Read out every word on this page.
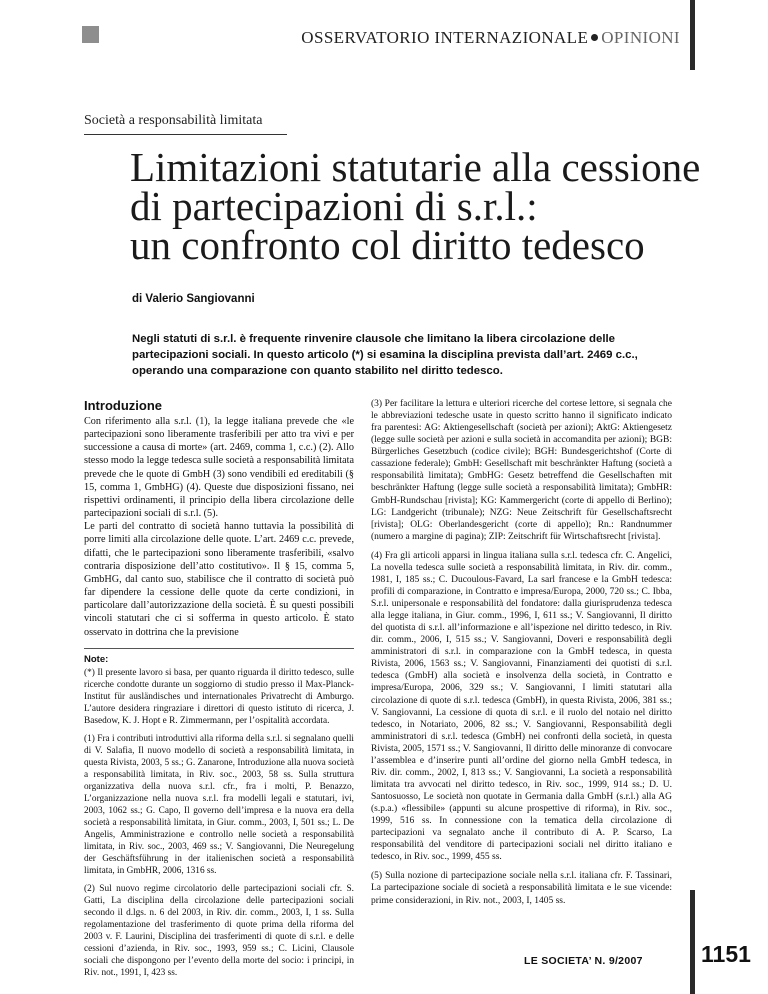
OSSERVATORIO INTERNAZIONALE OPINIONI
Società a responsabilità limitata
Limitazioni statutarie alla cessione
di partecipazioni di s.r.l.:
un confronto col diritto tedesco
di Valerio Sangiovanni
Negli statuti di s.r.l. è frequente rinvenire clausole che limitano la libera circolazione delle partecipazioni sociali. In questo articolo (*) si esamina la disciplina prevista dall’art. 2469 c.c., operando una comparazione con quanto stabilito nel diritto tedesco.
Introduzione

Con riferimento alla s.r.l. (1), la legge italiana prevede che «le partecipazioni sono liberamente trasferibili per atto tra vivi e per successione a causa di morte» (art. 2469, comma 1, c.c.) (2). Allo stesso modo la legge tedesca sulle società a responsabilità limitata prevede che le quote di GmbH (3) sono vendibili ed ereditabili (§ 15, comma 1, GmbHG) (4). Queste due disposizioni fissano, nei rispettivi ordinamenti, il principio della libera circolazione delle partecipazioni sociali di s.r.l. (5).

Le parti del contratto di società hanno tuttavia la possibilità di porre limiti alla circolazione delle quote. L’art. 2469 c.c. prevede, difatti, che le partecipazioni sono liberamente trasferibili, «salvo contraria disposizione dell’atto costitutivo». Il § 15, comma 5, GmbHG, dal canto suo, stabilisce che il contratto di società può far dipendere la cessione delle quote da certe condizioni, in particolare dall’autorizzazione della società. È su questi possibili vincoli statutari che ci si sofferma in questo articolo. È stato osservato in dottrina che la previsione

Note:

(*) Il presente lavoro si basa, per quanto riguarda il diritto tedesco, sulle ricerche condotte durante un soggiorno di studio presso il Max-Planck-Institut für ausländisches und internationales Privatrecht di Amburgo. L’autore desidera ringraziare i direttori di questo istituto di ricerca, J. Basedow, K. J. Hopt e R. Zimmermann, per l’ospitalità accordata.

(1) Fra i contributi introduttivi alla riforma della s.r.l. si segnalano quelli di V. Salafia, Il nuovo modello di società a responsabilità limitata, in questa Rivista, 2003, 5 ss.; G. Zanarone, Introduzione alla nuova società a responsabilità limitata, in Riv. soc., 2003, 58 ss. Sulla struttura organizzativa della nuova s.r.l. cfr., fra i molti, P. Benazzo, L’organizzazione nella nuova s.r.l. fra modelli legali e statutari, ivi, 2003, 1062 ss.; G. Capo, Il governo dell’impresa e la nuova era della società a responsabilità limitata, in Giur. comm., 2003, I, 501 ss.; L. De Angelis, Amministrazione e controllo nelle società a responsabilità limitata, in Riv. soc., 2003, 469 ss.; V. Sangiovanni, Die Neuregelung der Geschäftsführung in der italienischen società a responsabilità limitata, in GmbHR, 2006, 1316 ss.

(2) Sul nuovo regime circolatorio delle partecipazioni sociali cfr. S. Gatti, La disciplina della circolazione delle partecipazioni sociali secondo il d.lgs. n. 6 del 2003, in Riv. dir. comm., 2003, I, 1 ss. Sulla regolamentazione del trasferimento di quote prima della riforma del 2003 v. F. Laurini, Disciplina dei trasferimenti di quote di s.r.l. e delle cessioni d’azienda, in Riv. soc., 1993, 959 ss.; C. Licini, Clausole sociali che dispongono per l’evento della morte del socio: i principi, in Riv. not., 1991, I, 423 ss.

(3) Per facilitare la lettura e ulteriori ricerche del cortese lettore, si segnala che le abbreviazioni tedesche usate in questo scritto hanno il significato indicato fra parentesi: AG: Aktiengesellschaft (società per azioni); AktG: Aktiengesetz (legge sulle società per azioni e sulla società in accomandita per azioni); BGB: Bürgerliches Gesetzbuch (codice civile); BGH: Bundesgerichtshof (Corte di cassazione federale); GmbH: Gesellschaft mit beschränkter Haftung (società a responsabilità limitata); GmbHG: Gesetz betreffend die Gesellschaften mit beschränkter Haftung (legge sulle società a responsabilità limitata); GmbHR: GmbH-Rundschau [rivista]; KG: Kammergericht (corte di appello di Berlino); LG: Landgericht (tribunale); NZG: Neue Zeitschrift für Gesellschaftsrecht [rivista]; OLG: Oberlandesgericht (corte di appello); Rn.: Randnummer (numero a margine di pagina); ZIP: Zeitschrift für Wirtschaftsrecht [rivista].

(4) Fra gli articoli apparsi in lingua italiana sulla s.r.l. tedesca cfr. C. Angelici, La novella tedesca sulle società a responsabilità limitata, in Riv. dir. comm., 1981, I, 185 ss.; C. Ducoulous-Favard, La sarl francese e la GmbH tedesca: profili di comparazione, in Contratto e impresa/Europa, 2000, 720 ss.; C. Ibba, S.r.l. unipersonale e responsabilità del fondatore: dalla giurisprudenza tedesca alla legge italiana, in Giur. comm., 1996, I, 611 ss.; V. Sangiovanni, Il diritto del quotista di s.r.l. all’informazione e all’ispezione nel diritto tedesco, in Riv. dir. comm., 2006, I, 515 ss.; V. Sangiovanni, Doveri e responsabilità degli amministratori di s.r.l. in comparazione con la GmbH tedesca, in questa Rivista, 2006, 1563 ss.; V. Sangiovanni, Finanziamenti dei quotisti di s.r.l. tedesca (GmbH) alla società e insolvenza della società, in Contratto e impresa/Europa, 2006, 329 ss.; V. Sangiovanni, I limiti statutari alla circolazione di quote di s.r.l. tedesca (GmbH), in questa Rivista, 2006, 381 ss.; V. Sangiovanni, La cessione di quota di s.r.l. e il ruolo del notaio nel diritto tedesco, in Notariato, 2006, 82 ss.; V. Sangiovanni, Responsabilità degli amministratori di s.r.l. tedesca (GmbH) nei confronti della società, in questa Rivista, 2005, 1571 ss.; V. Sangiovanni, Il diritto delle minoranze di convocare l’assemblea e d’inserire punti all’ordine del giorno nella GmbH tedesca, in Riv. dir. comm., 2002, I, 813 ss.; V. Sangiovanni, La società a responsabilità limitata tra avvocati nel diritto tedesco, in Riv. soc., 1999, 914 ss.; D. U. Santosuosso, Le società non quotate in Germania dalla GmbH (s.r.l.) alla AG (s.p.a.) «flessibile» (appunti su alcune prospettive di riforma), in Riv. soc., 1999, 516 ss. In connessione con la tematica della circolazione di partecipazioni va segnalato anche il contributo di A. P. Scarso, La responsabilità del venditore di partecipazioni sociali nel diritto italiano e tedesco, in Riv. soc., 1999, 455 ss.

(5) Sulla nozione di partecipazione sociale nella s.r.l. italiana cfr. F. Tassinari, La partecipazione sociale di società a responsabilità limitata e le sue vicende: prime considerazioni, in Riv. not., 2003, I, 1405 ss.

LE SOCIETA’ N. 9/2007	1151
